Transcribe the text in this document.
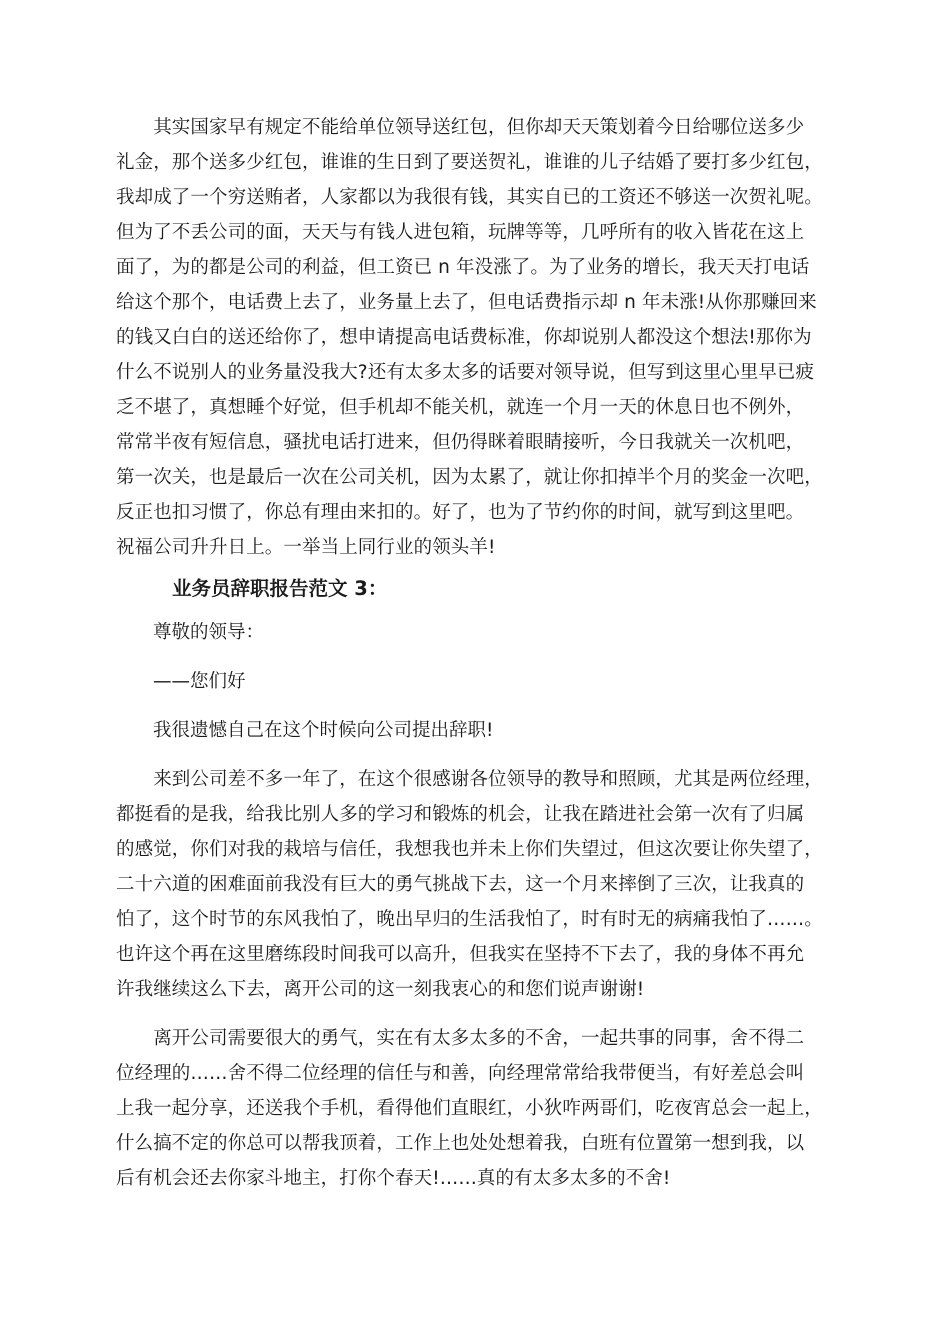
　　其实国家早有规定不能给单位领导送红包，但你却天天策划着今日给哪位送多少
礼金，那个送多少红包，谁谁的生日到了要送贺礼，谁谁的儿子结婚了要打多少红包，
我却成了一个穷送贿者，人家都以为我很有钱，其实自已的工资还不够送一次贺礼呢。
但为了不丢公司的面，天天与有钱人进包箱，玩牌等等，几呼所有的收入皆花在这上
面了，为的都是公司的利益，但工资已 n 年没涨了。为了业务的增长，我天天打电话
给这个那个，电话费上去了，业务量上去了，但电话费指示却 n 年未涨!从你那赚回来
的钱又白白的送还给你了，想申请提高电话费标准，你却说别人都没这个想法!那你为
什么不说别人的业务量没我大?还有太多太多的话要对领导说，但写到这里心里早已疲
乏不堪了，真想睡个好觉，但手机却不能关机，就连一个月一天的休息日也不例外，
常常半夜有短信息，骚扰电话打进来，但仍得眯着眼睛接听，今日我就关一次机吧，
第一次关，也是最后一次在公司关机，因为太累了，就让你扣掉半个月的奖金一次吧，
反正也扣习惯了，你总有理由来扣的。好了，也为了节约你的时间，就写到这里吧。
祝福公司升升日上。一举当上同行业的领头羊!
业务员辞职报告范文 3：
尊敬的领导：
——您们好
我很遗憾自己在这个时候向公司提出辞职!
　　来到公司差不多一年了，在这个很感谢各位领导的教导和照顾，尤其是两位经理，
都挺看的是我，给我比别人多的学习和锻炼的机会，让我在踏进社会第一次有了归属
的感觉，你们对我的栽培与信任，我想我也并未上你们失望过，但这次要让你失望了，
二十六道的困难面前我没有巨大的勇气挑战下去，这一个月来摔倒了三次，让我真的
怕了，这个时节的东风我怕了，晚出早归的生活我怕了，时有时无的病痛我怕了……。
也许这个再在这里磨练段时间我可以高升，但我实在坚持不下去了，我的身体不再允
许我继续这么下去，离开公司的这一刻我衷心的和您们说声谢谢!
　　离开公司需要很大的勇气，实在有太多太多的不舍，一起共事的同事，舍不得二
位经理的……舍不得二位经理的信任与和善，向经理常常给我带便当，有好差总会叫
上我一起分享，还送我个手机，看得他们直眼红，小狄咋两哥们，吃夜宵总会一起上，
什么搞不定的你总可以帮我顶着，工作上也处处想着我，白班有位置第一想到我，以
后有机会还去你家斗地主，打你个春天!……真的有太多太多的不舍!
